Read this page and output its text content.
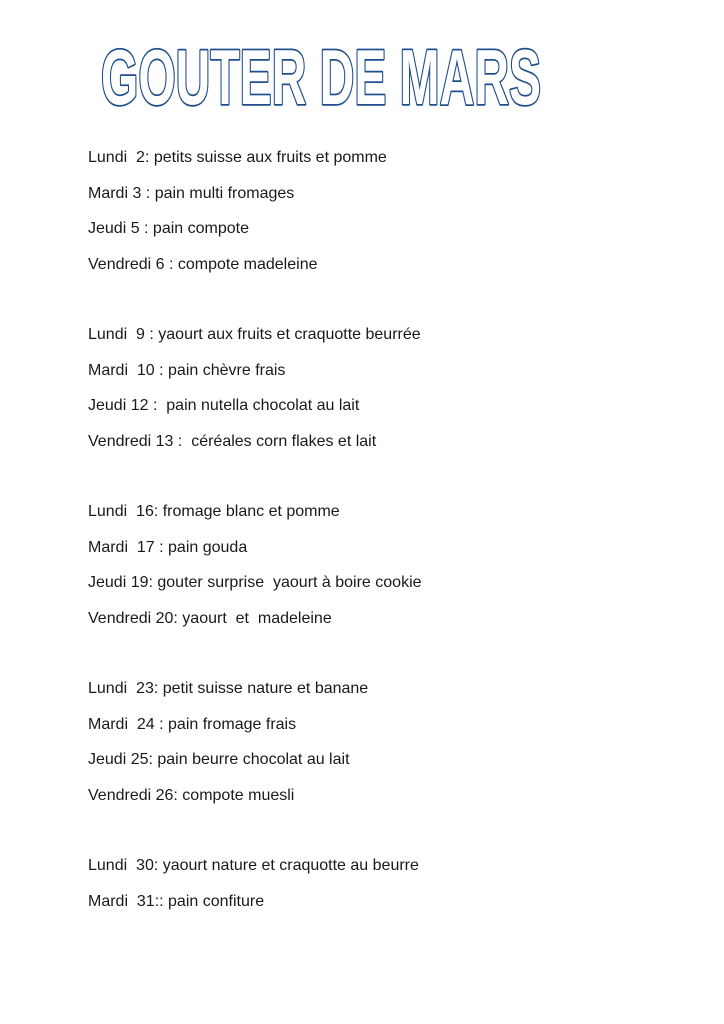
GOUTER DE MARS
Lundi  2: petits suisse aux fruits et pomme
Mardi 3 : pain multi fromages
Jeudi 5 : pain compote
Vendredi 6 : compote madeleine
Lundi  9 : yaourt aux fruits et craquotte beurrée
Mardi  10 : pain chèvre frais
Jeudi 12 :  pain nutella chocolat au lait
Vendredi 13 :  céréales corn flakes et lait
Lundi  16: fromage blanc et pomme
Mardi  17 : pain gouda
Jeudi 19: gouter surprise  yaourt à boire cookie
Vendredi 20: yaourt  et  madeleine
Lundi  23: petit suisse nature et banane
Mardi  24 : pain fromage frais
Jeudi 25: pain beurre chocolat au lait
Vendredi 26: compote muesli
Lundi  30: yaourt nature et craquotte au beurre
Mardi  31:: pain confiture
